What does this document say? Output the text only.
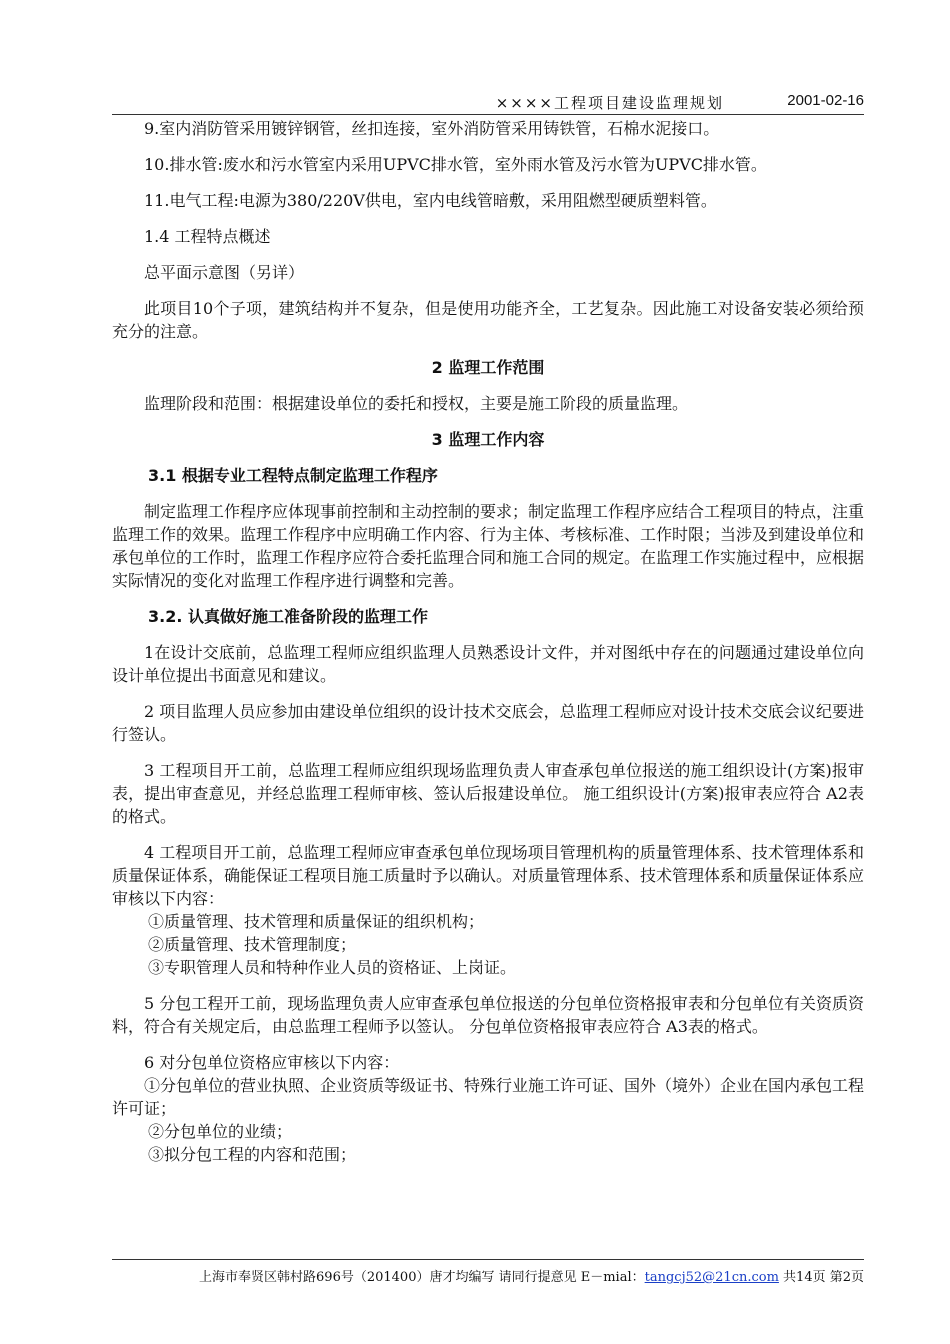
××××工程项目建设监理规划	2001-02-16

9.室内消防管采用镀锌钢管，丝扣连接，室外消防管采用铸铁管，石棉水泥接口。

10.排水管:废水和污水管室内采用UPVC排水管，室外雨水管及污水管为UPVC排水管。

11.电气工程:电源为380/220V供电，室内电线管暗敷，采用阻燃型硬质塑料管。

1.4 工程特点概述

总平面示意图（另详）

此项目10个子项，建筑结构并不复杂，但是使用功能齐全，工艺复杂。因此施工对设备安装必须给预充分的注意。

2 监理工作范围

监理阶段和范围：根据建设单位的委托和授权，主要是施工阶段的质量监理。

3 监理工作内容

3.1 根据专业工程特点制定监理工作程序

制定监理工作程序应体现事前控制和主动控制的要求；制定监理工作程序应结合工程项目的特点，注重监理工作的效果。监理工作程序中应明确工作内容、行为主体、考核标准、工作时限；当涉及到建设单位和承包单位的工作时，监理工作程序应符合委托监理合同和施工合同的规定。在监理工作实施过程中，应根据实际情况的变化对监理工作程序进行调整和完善。

3.2. 认真做好施工准备阶段的监理工作

1在设计交底前，总监理工程师应组织监理人员熟悉设计文件，并对图纸中存在的问题通过建设单位向设计单位提出书面意见和建议。

2 项目监理人员应参加由建设单位组织的设计技术交底会，总监理工程师应对设计技术交底会议纪要进行签认。

3 工程项目开工前，总监理工程师应组织现场监理负责人审查承包单位报送的施工组织设计(方案)报审表，提出审查意见，并经总监理工程师审核、签认后报建设单位。 施工组织设计(方案)报审表应符合 A2表的格式。

4 工程项目开工前，总监理工程师应审查承包单位现场项目管理机构的质量管理体系、技术管理体系和质量保证体系，确能保证工程项目施工质量时予以确认。对质量管理体系、技术管理体系和质量保证体系应审核以下内容：

①质量管理、技术管理和质量保证的组织机构；

②质量管理、技术管理制度；

③专职管理人员和特种作业人员的资格证、上岗证。

5 分包工程开工前，现场监理负责人应审查承包单位报送的分包单位资格报审表和分包单位有关资质资料，符合有关规定后，由总监理工程师予以签认。 分包单位资格报审表应符合 A3表的格式。

6 对分包单位资格应审核以下内容：

①分包单位的营业执照、企业资质等级证书、特殊行业施工许可证、国外（境外）企业在国内承包工程许可证；

②分包单位的业绩；

③拟分包工程的内容和范围；

上海市奉贤区韩村路696号（201400）唐才均编写 请同行提意见 E－mial：tangcj52@21cn.com 共14页 第2页
